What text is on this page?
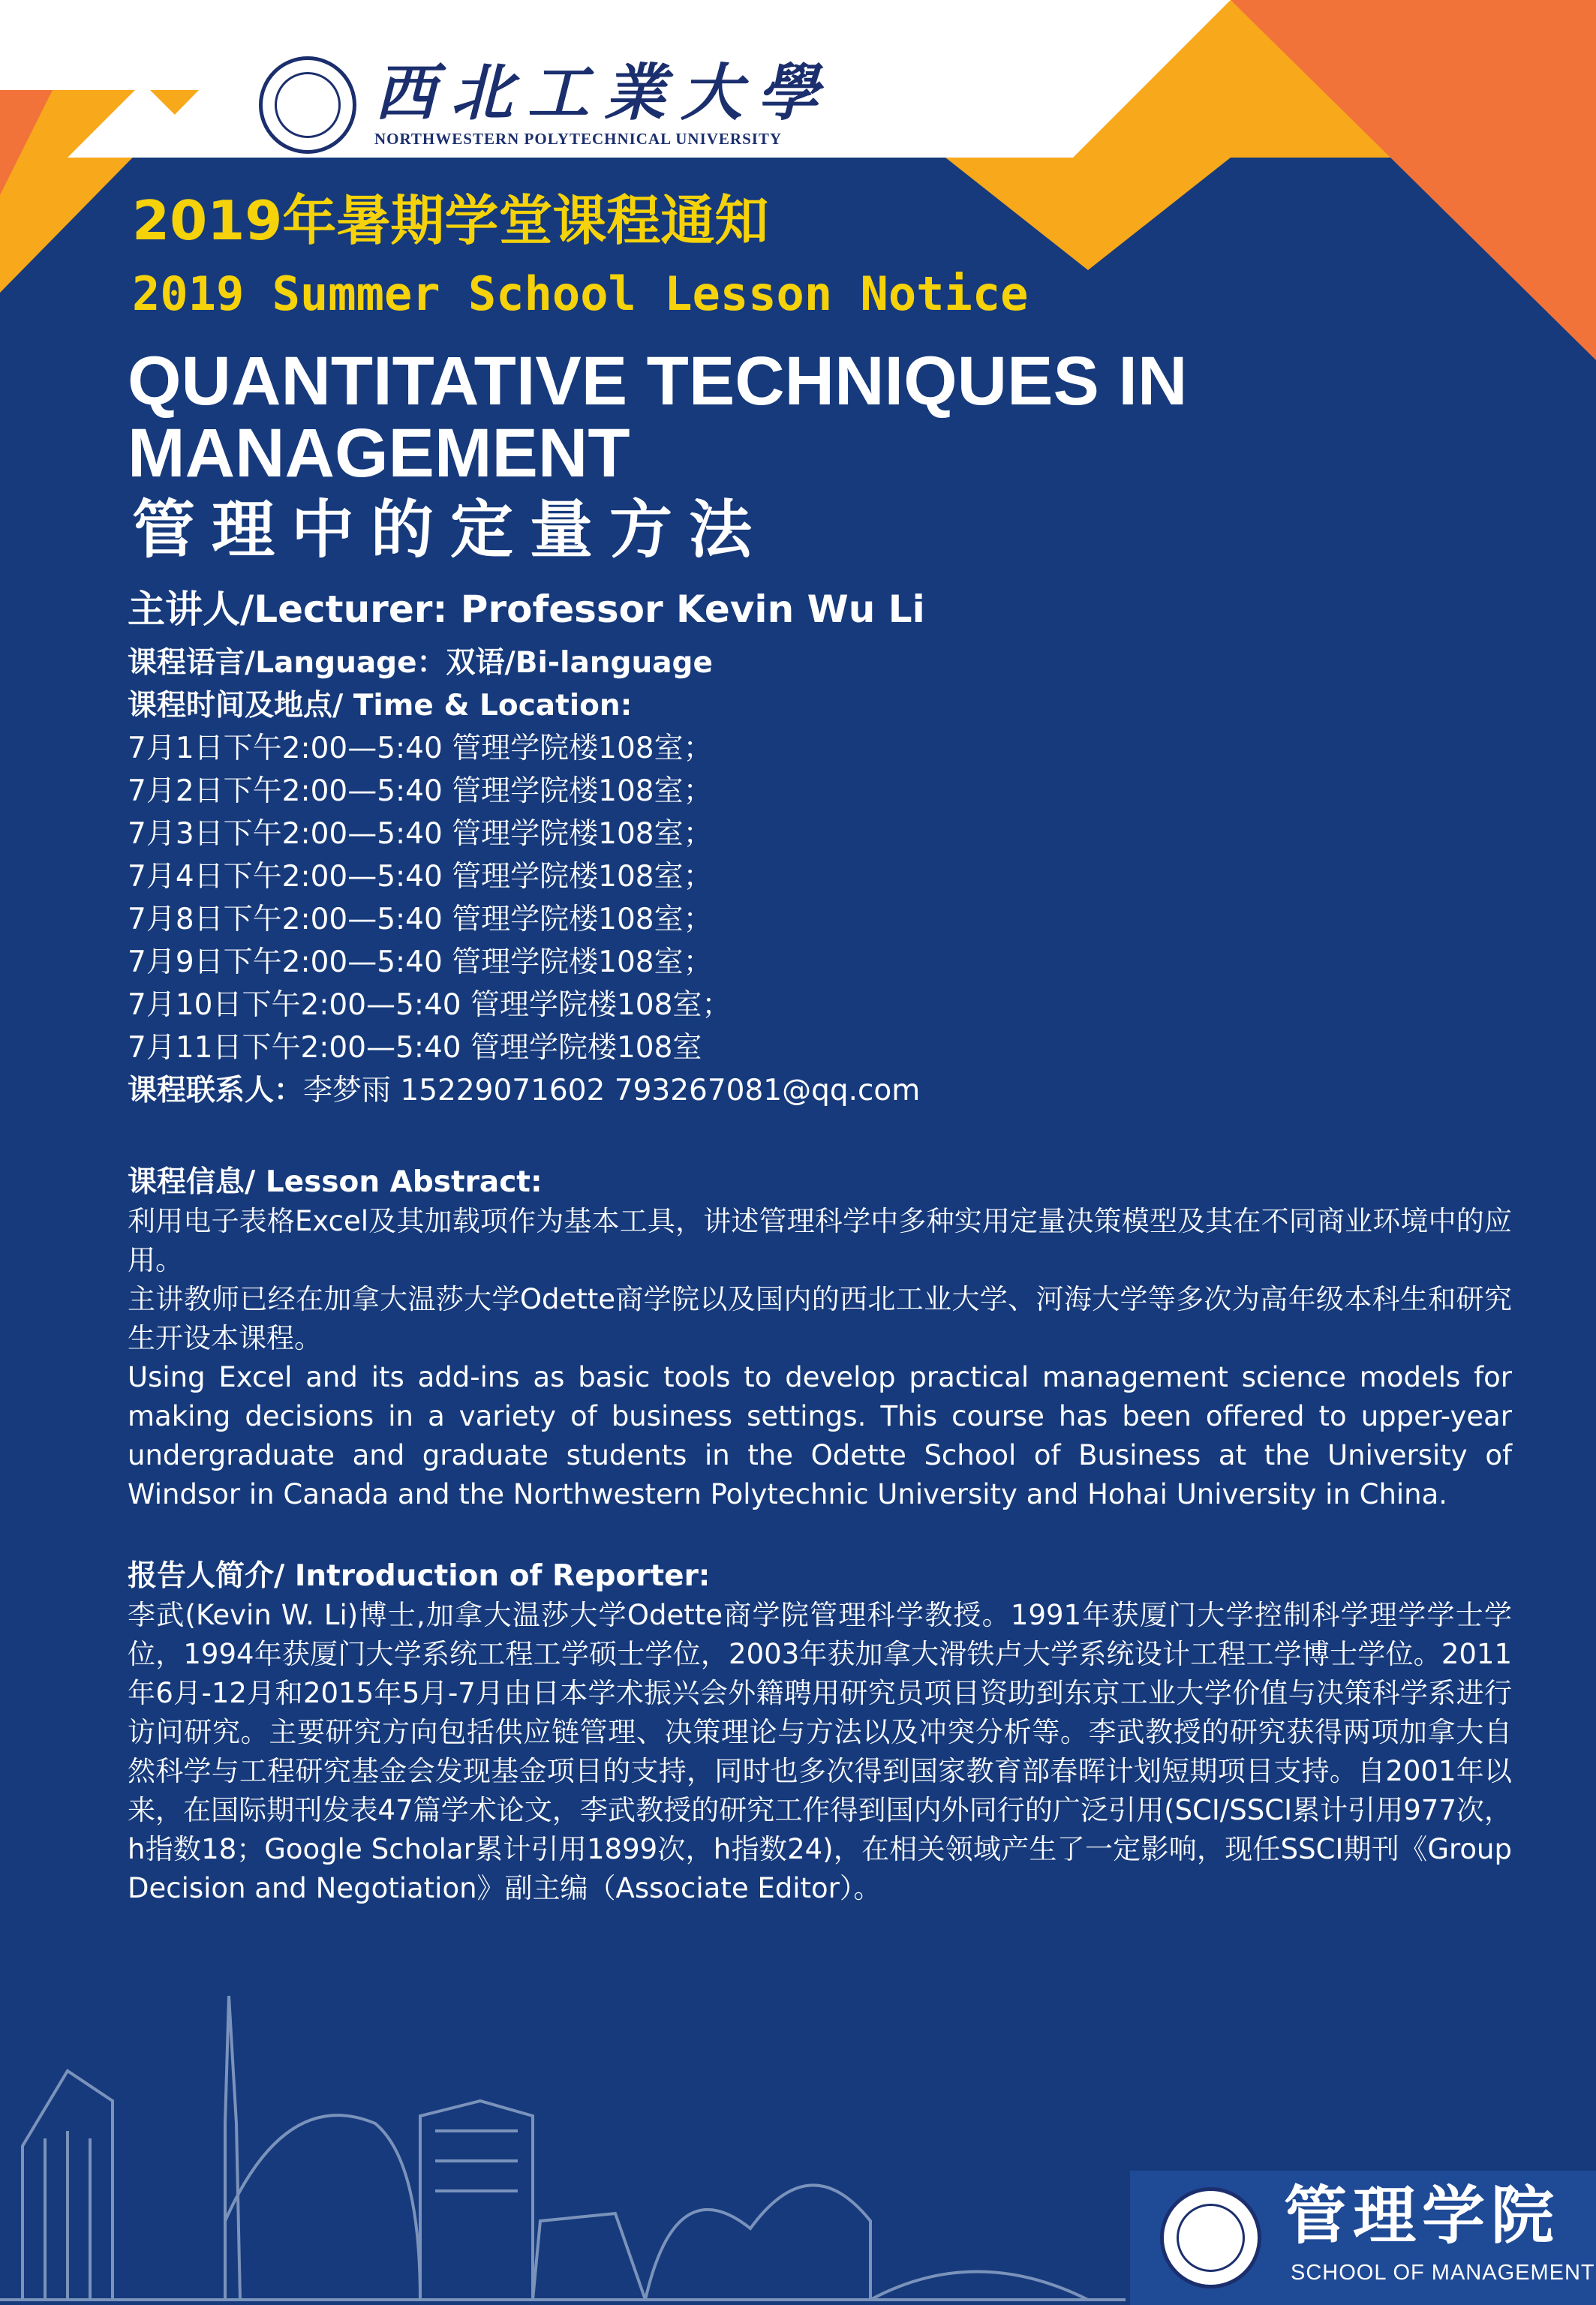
西北工業大學
NORTHWESTERN POLYTECHNICAL UNIVERSITY
2019年暑期学堂课程通知
2019 Summer School Lesson Notice
QUANTITATIVE TECHNIQUES IN MANAGEMENT
管理中的定量方法
主讲人/Lecturer: Professor Kevin Wu Li
课程语言/Language：双语/Bi-language
课程时间及地点/ Time & Location:
7月1日下午2:00—5:40 管理学院楼108室；
7月2日下午2:00—5:40 管理学院楼108室；
7月3日下午2:00—5:40 管理学院楼108室；
7月4日下午2:00—5:40 管理学院楼108室；
7月8日下午2:00—5:40 管理学院楼108室；
7月9日下午2:00—5:40 管理学院楼108室；
7月10日下午2:00—5:40 管理学院楼108室；
7月11日下午2:00—5:40 管理学院楼108室
课程联系人：李梦雨 15229071602 793267081@qq.com

课程信息/ Lesson Abstract:

利用电子表格Excel及其加载项作为基本工具，讲述管理科学中多种实用定量决策模型及其在不同商业环境中的应用。

主讲教师已经在加拿大温莎大学Odette商学院以及国内的西北工业大学、河海大学等多次为高年级本科生和研究生开设本课程。

Using Excel and its add-ins as basic tools to develop practical management science models for making decisions in a variety of business settings. This course has been offered to upper-year undergraduate and graduate students in the Odette School of Business at the University of Windsor in Canada and the Northwestern Polytechnic University and Hohai University in China.

报告人简介/ Introduction of Reporter:

李武(Kevin W. Li)博士,加拿大温莎大学Odette商学院管理科学教授。1991年获厦门大学控制科学理学学士学位，1994年获厦门大学系统工程工学硕士学位，2003年获加拿大滑铁卢大学系统设计工程工学博士学位。2011年6月-12月和2015年5月-7月由日本学术振兴会外籍聘用研究员项目资助到东京工业大学价值与决策科学系进行访问研究。主要研究方向包括供应链管理、决策理论与方法以及冲突分析等。李武教授的研究获得两项加拿大自然科学与工程研究基金会发现基金项目的支持，同时也多次得到国家教育部春晖计划短期项目支持。自2001年以来，在国际期刊发表47篇学术论文，李武教授的研究工作得到国内外同行的广泛引用(SCI/SSCI累计引用977次，h指数18；Google Scholar累计引用1899次，h指数24)，在相关领域产生了一定影响，现任SSCI期刊《Group Decision and Negotiation》副主编（Associate Editor）。

管理学院
SCHOOL OF MANAGEMENT
